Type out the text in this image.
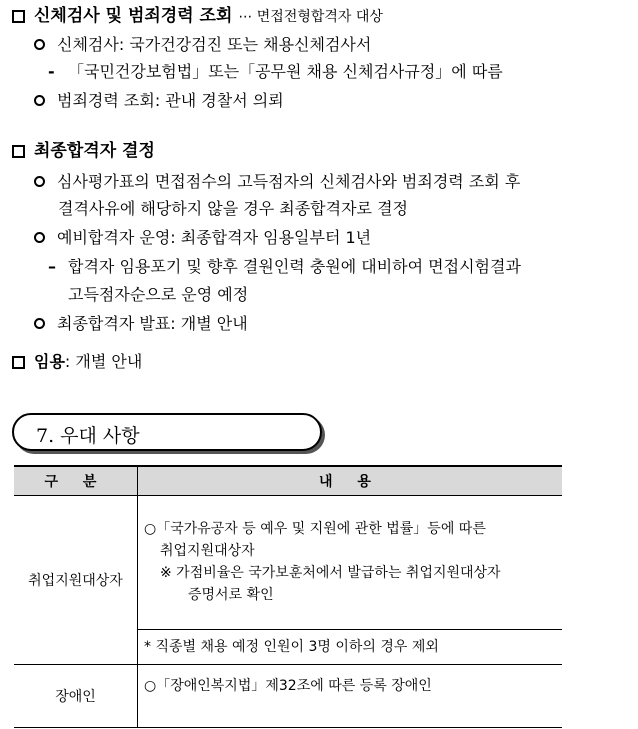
신체검사 및 범죄경력 조회 ⋯ 면접전형합격자 대상
신체검사: 국가건강검진 또는 채용신체검사서
- 「국민건강보험법」또는「공무원 채용 신체검사규정」에 따름
범죄경력 조회: 관내 경찰서 의뢰
최종합격자 결정
심사평가표의 면접점수의 고득점자의 신체검사와 범죄경력 조회 후
결격사유에 해당하지 않을 경우 최종합격자로 결정
예비합격자 운영: 최종합격자 임용일부터 1년
– 합격자 임용포기 및 향후 결원인력 충원에 대비하여 면접시험결과
고득점자순으로 운영 예정
최종합격자 발표: 개별 안내
임용: 개별 안내
7. 우대 사항
구 분	내 용
취업지원대상자	○「국가유공자 등 예우 및 지원에 관한 법률」등에 따른
취업지원대상자
※ 가점비율은 국가보훈처에서 발급하는 취업지원대상자
증명서로 확인

	* 직종별 채용 예정 인원이 3명 이하의 경우 제외

장애인	○「장애인복지법」제32조에 따른 등록 장애인
